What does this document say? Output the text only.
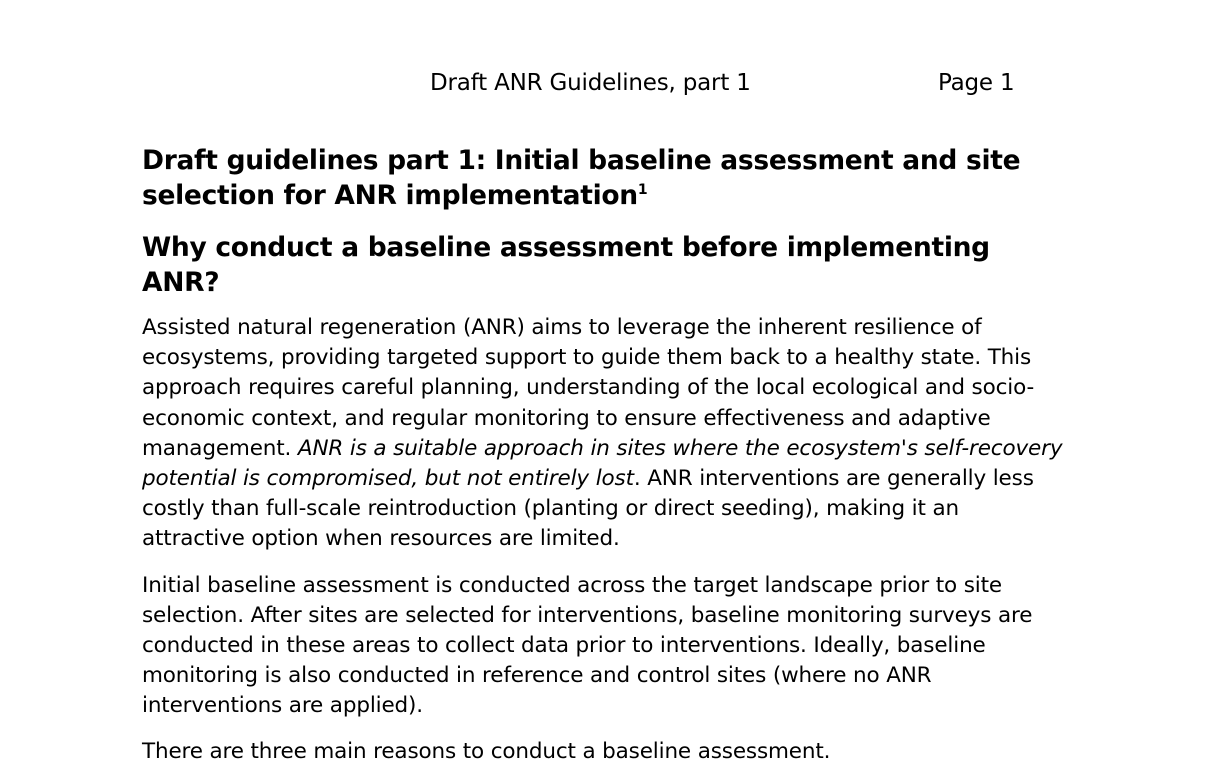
Draft ANR Guidelines, part 1	Page 1
Draft guidelines part 1: Initial baseline assessment and site selection for ANR implementation$^1$
Why conduct a baseline assessment before implementing ANR?

Assisted natural regeneration (ANR) aims to leverage the inherent resilience of ecosystems, providing targeted support to guide them back to a healthy state. This approach requires careful planning, understanding of the local ecological and socio-economic context, and regular monitoring to ensure effectiveness and adaptive management. ANR is a suitable approach in sites where the ecosystem's self-recovery potential is compromised, but not entirely lost. ANR interventions are generally less costly than full-scale reintroduction (planting or direct seeding), making it an attractive option when resources are limited.

Initial baseline assessment is conducted across the target landscape prior to site selection. After sites are selected for interventions, baseline monitoring surveys are conducted in these areas to collect data prior to interventions. Ideally, baseline monitoring is also conducted in reference and control sites (where no ANR interventions are applied).

There are three main reasons to conduct a baseline assessment.
